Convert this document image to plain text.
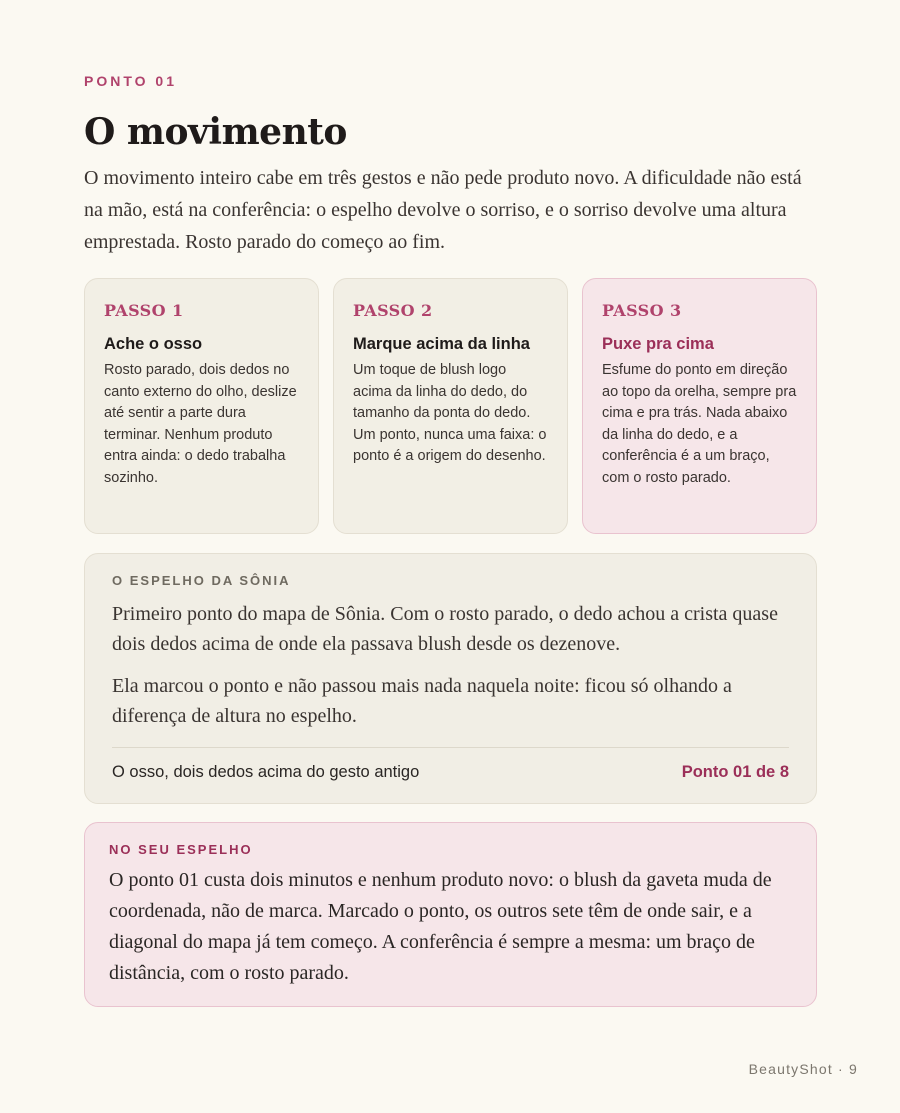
PONTO 01
O movimento

O movimento inteiro cabe em três gestos e não pede produto novo. A dificuldade não está na mão, está na conferência: o espelho devolve o sorriso, e o sorriso devolve uma altura emprestada. Rosto parado do começo ao fim.

PASSO 1
Ache o osso
Rosto parado, dois dedos no canto externo do olho, deslize até sentir a parte dura terminar. Nenhum produto entra ainda: o dedo trabalha sozinho.
PASSO 2
Marque acima da linha
Um toque de blush logo acima da linha do dedo, do tamanho da ponta do dedo. Um ponto, nunca uma faixa: o ponto é a origem do desenho.
PASSO 3
Puxe pra cima
Esfume do ponto em direção ao topo da orelha, sempre pra cima e pra trás. Nada abaixo da linha do dedo, e a conferência é a um braço, com o rosto parado.
O ESPELHO DA SÔNIA

Primeiro ponto do mapa de Sônia. Com o rosto parado, o dedo achou a crista quase dois dedos acima de onde ela passava blush desde os dezenove.

Ela marcou o ponto e não passou mais nada naquela noite: ficou só olhando a diferença de altura no espelho.

O osso, dois dedos acima do gesto antigo	Ponto 01 de 8
NO SEU ESPELHO

O ponto 01 custa dois minutos e nenhum produto novo: o blush da gaveta muda de coordenada, não de marca. Marcado o ponto, os outros sete têm de onde sair, e a diagonal do mapa já tem começo. A conferência é sempre a mesma: um braço de distância, com o rosto parado.

BeautyShot · 9
